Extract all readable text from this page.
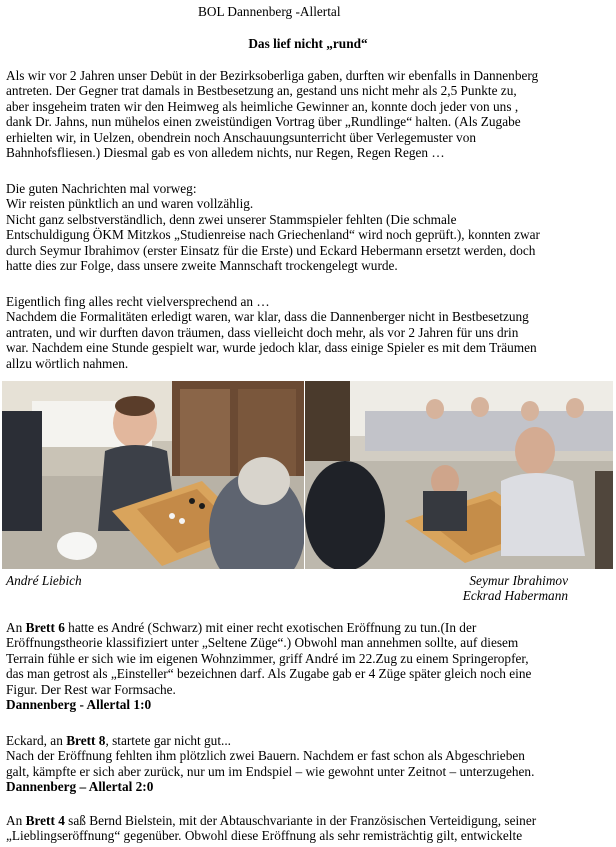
BOL Dannenberg -Allertal
Das lief nicht „rund“

Als wir vor 2 Jahren unser Debüt in der Bezirksoberliga gaben, durften wir ebenfalls in Dannenberg

antreten. Der Gegner trat damals in Bestbesetzung an, gestand uns nicht mehr als 2,5 Punkte zu,

aber insgeheim traten wir den Heimweg als heimliche Gewinner an, konnte doch jeder von uns ,

dank Dr. Jahns, nun mühelos einen zweistündigen Vortrag über „Rundlinge“ halten. (Als Zugabe

erhielten wir, in Uelzen, obendrein noch Anschauungsunterricht über Verlegemuster von

Bahnhofsfliesen.) Diesmal gab es von alledem nichts, nur Regen, Regen Regen …

Die guten Nachrichten mal vorweg:

Wir reisten pünktlich an und waren vollzählig.

Nicht ganz selbstverständlich, denn zwei unserer Stammspieler fehlten (Die schmale

Entschuldigung ÖKM Mitzkos „Studienreise nach Griechenland“ wird noch geprüft.), konnten zwar

durch Seymur Ibrahimov (erster Einsatz für die Erste) und Eckard Hebermann ersetzt werden, doch

hatte dies zur Folge, dass unsere zweite Mannschaft trockengelegt wurde.

Eigentlich fing alles recht vielversprechend an …

Nachdem die Formalitäten erledigt waren, war klar, dass die Dannenberger nicht in Bestbesetzung

antraten, und wir durften davon träumen, dass vielleicht doch mehr, als vor 2 Jahren für uns drin

war. Nachdem eine Stunde gespielt war, wurde jedoch klar, dass einige Spieler es mit dem Träumen

allzu wörtlich nahmen.

André Liebich	Seymur Ibrahimov
Eckrad Habermann

An Brett 6 hatte es André (Schwarz) mit einer recht exotischen Eröffnung zu tun.(In der

Eröffnungstheorie klassifiziert unter „Seltene Züge“.) Obwohl man annehmen sollte, auf diesem

Terrain fühle er sich wie im eigenen Wohnzimmer, griff André im 22.Zug zu einem Springeropfer,

das man getrost als „Einsteller“ bezeichnen darf. Als Zugabe gab er 4 Züge später gleich noch eine

Figur. Der Rest war Formsache.

Dannenberg - Allertal 1:0

Eckard, an Brett 8, startete gar nicht gut...

Nach der Eröffnung fehlten ihm plötzlich zwei Bauern. Nachdem er fast schon als Abgeschrieben

galt, kämpfte er sich aber zurück, nur um im Endspiel – wie gewohnt unter Zeitnot – unterzugehen.

Dannenberg – Allertal 2:0

An Brett 4 saß Bernd Bielstein, mit der Abtauschvariante in der Französischen Verteidigung, seiner

„Lieblingseröffnung“ gegenüber. Obwohl diese Eröffnung als sehr remisträchtig gilt, entwickelte
